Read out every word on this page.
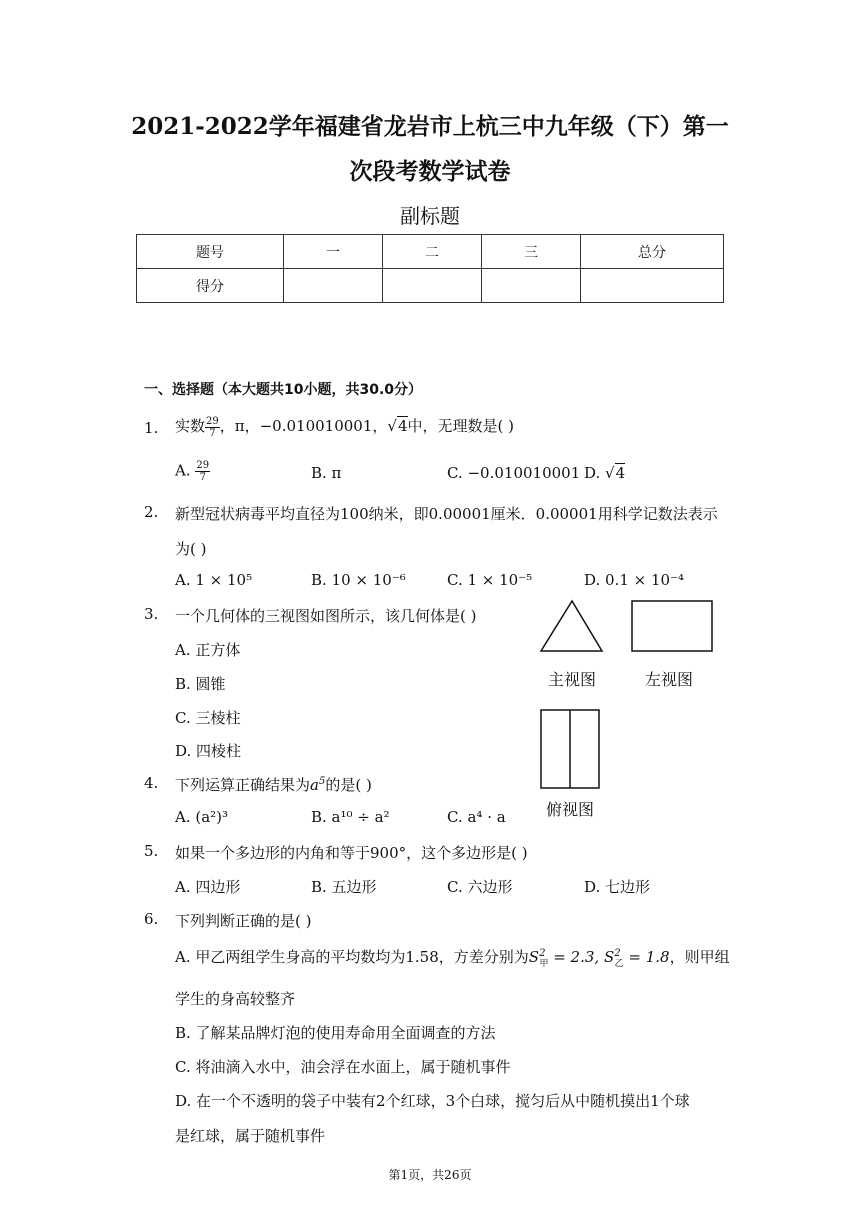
2021-2022学年福建省龙岩市上杭三中九年级（下）第一
次段考数学试卷
副标题
题号	一	二	三	总分
得分				
一、选择题（本大题共10小题，共30.0分）
1. 实数 $\frac{29}{7}$ ，π，−0.010010001，√4中，无理数是( )
A. $\frac{29}{7}$	B. π	C. −0.010010001 D. √4
2. 新型冠状病毒平均直径为100纳米，即0.00001厘米．0.00001用科学记数法表示
为( )
A. 1 × 10⁵	B. 10 × 10⁻⁶	C. 1 × 10⁻⁵	D. 0.1 × 10⁻⁴
3. 一个几何体的三视图如图所示，该几何体是( )
A. 正方体
B. 圆锥
C. 三棱柱
D. 四棱柱
主视图	左视图
俯视图
4. 下列运算正确结果为$a^5$的是( )
A. (a²)³	B. a¹⁰ ÷ a²	C. a⁴ · a
5. 如果一个多边形的内角和等于900°，这个多边形是( )
A. 四边形	B. 五边形	C. 六边形	D. 七边形
6. 下列判断正确的是( )
A. 甲乙两组学生身高的平均数均为1.58，方差分别为$S^2_甲 = 2.3$, $S^2_乙 = 1.8$，则甲组
学生的身高较整齐
B. 了解某品牌灯泡的使用寿命用全面调查的方法
C. 将油滴入水中，油会浮在水面上，属于随机事件
D. 在一个不透明的袋子中装有2个红球，3个白球，搅匀后从中随机摸出1个球
是红球，属于随机事件
第1页，共26页
